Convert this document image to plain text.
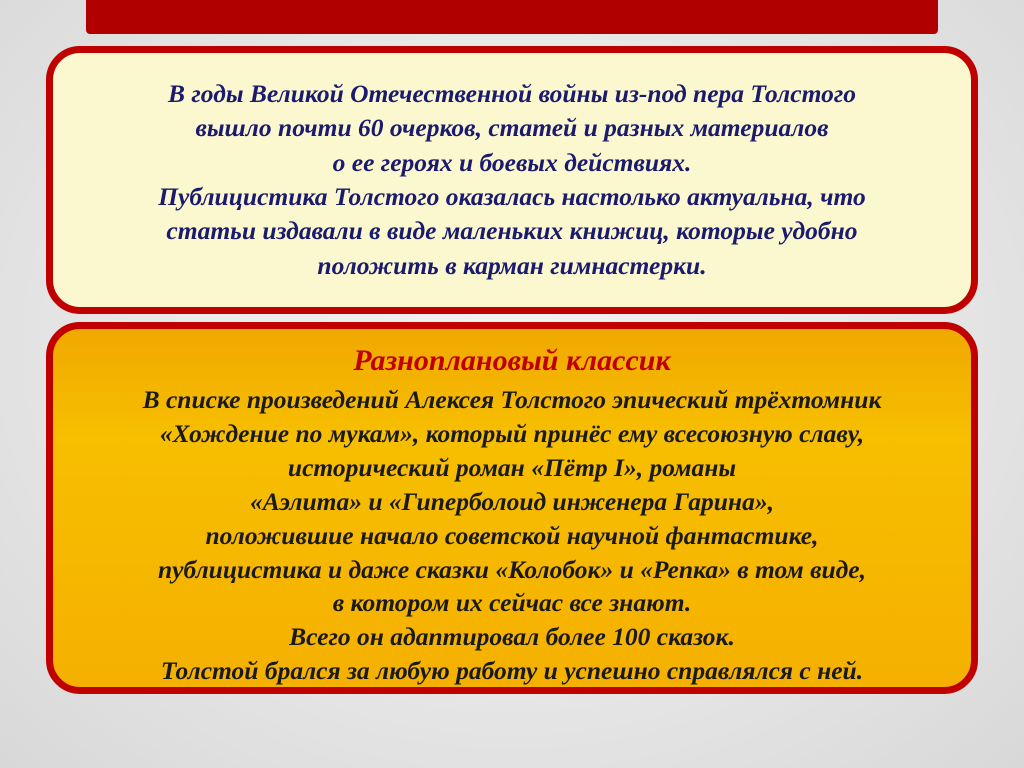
В годы Великой Отечественной войны из-под пера Толстого
вышло почти 60 очерков, статей и разных материалов
о ее героях и боевых действиях.
Публицистика Толстого оказалась настолько актуальна, что
статьи издавали в виде маленьких книжиц, которые удобно
положить в карман гимнастерки.
Разноплановый классик
В списке произведений Алексея Толстого эпический трёхтомник
«Хождение по мукам», который принёс ему всесоюзную славу,
исторический роман «Пётр I», романы
«Аэлита» и «Гиперболоид инженера Гарина»,
положившие начало советской научной фантастике,
публицистика и даже сказки «Колобок» и «Репка» в том виде,
в котором их сейчас все знают.
Всего он адаптировал более 100 сказок.
Толстой брался за любую работу и успешно справлялся с ней.
